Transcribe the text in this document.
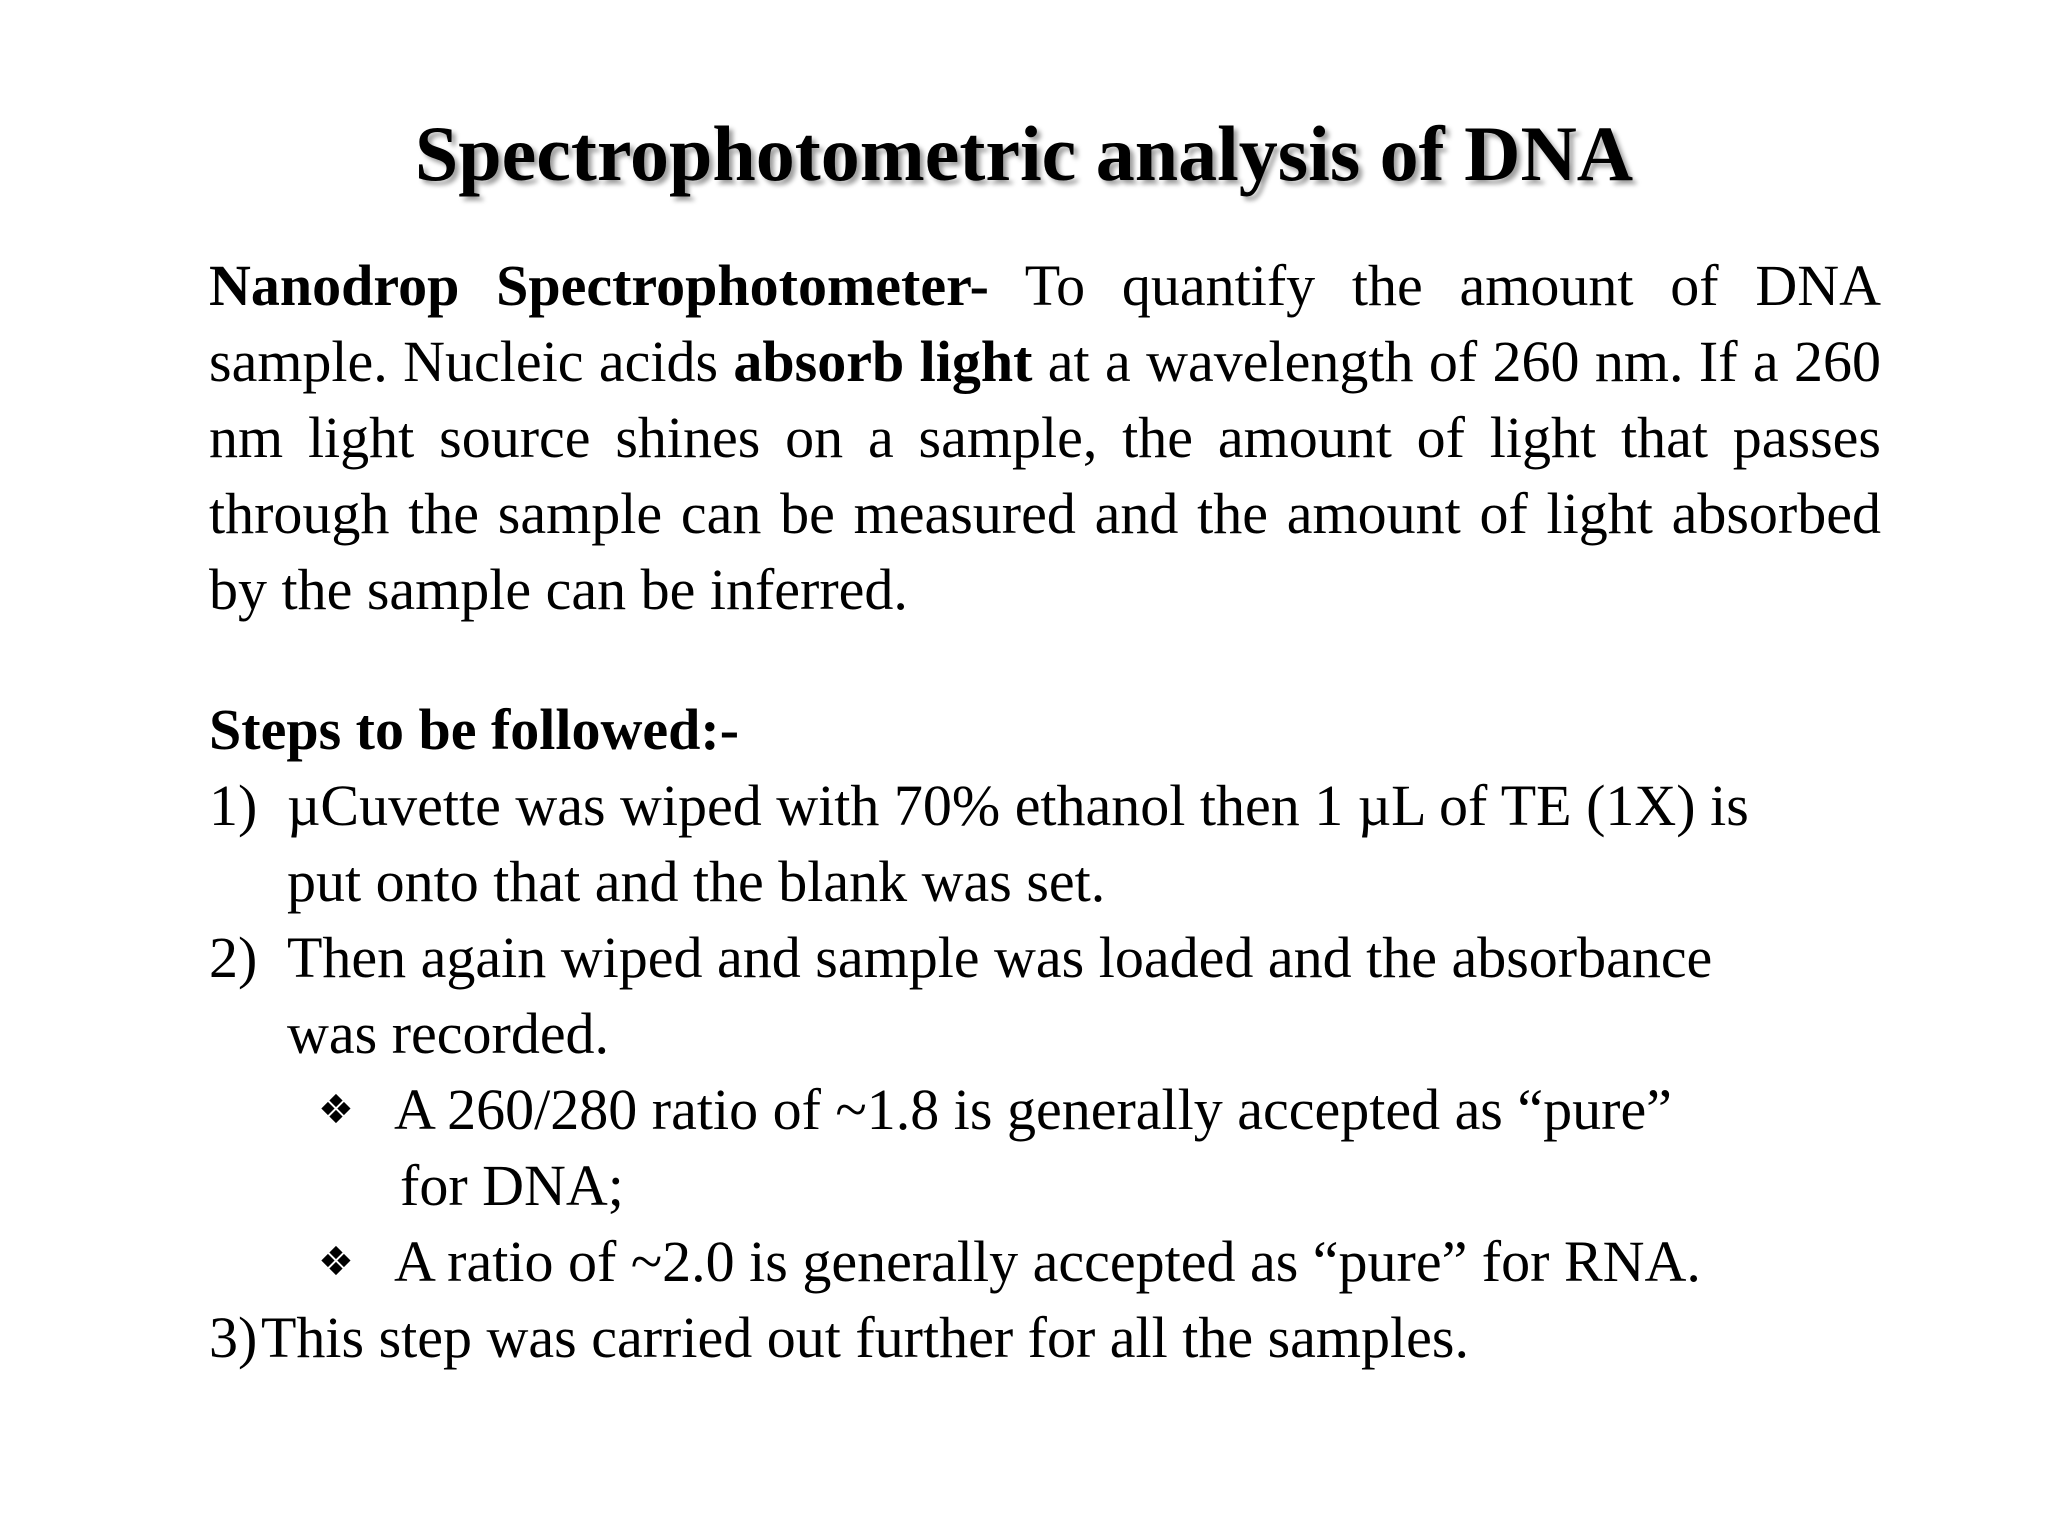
Spectrophotometric analysis of DNA
Nanodrop Spectrophotometer- To quantify the amount of DNA sample. Nucleic acids absorb light at a wavelength of 260 nm. If a 260 nm light source shines on a sample, the amount of light that passes through the sample can be measured and the amount of light absorbed by the sample can be inferred.
Steps to be followed:-
1) µCuvette was wiped with 70% ethanol then 1 µL of TE (1X) is
put onto that and the blank was set.
2) Then again wiped and sample was loaded and the absorbance
was recorded.
❖ A 260/280 ratio of ~1.8 is generally accepted as “pure”
for DNA;
❖ A ratio of ~2.0 is generally accepted as “pure” for RNA.
3) This step was carried out further for all the samples.
